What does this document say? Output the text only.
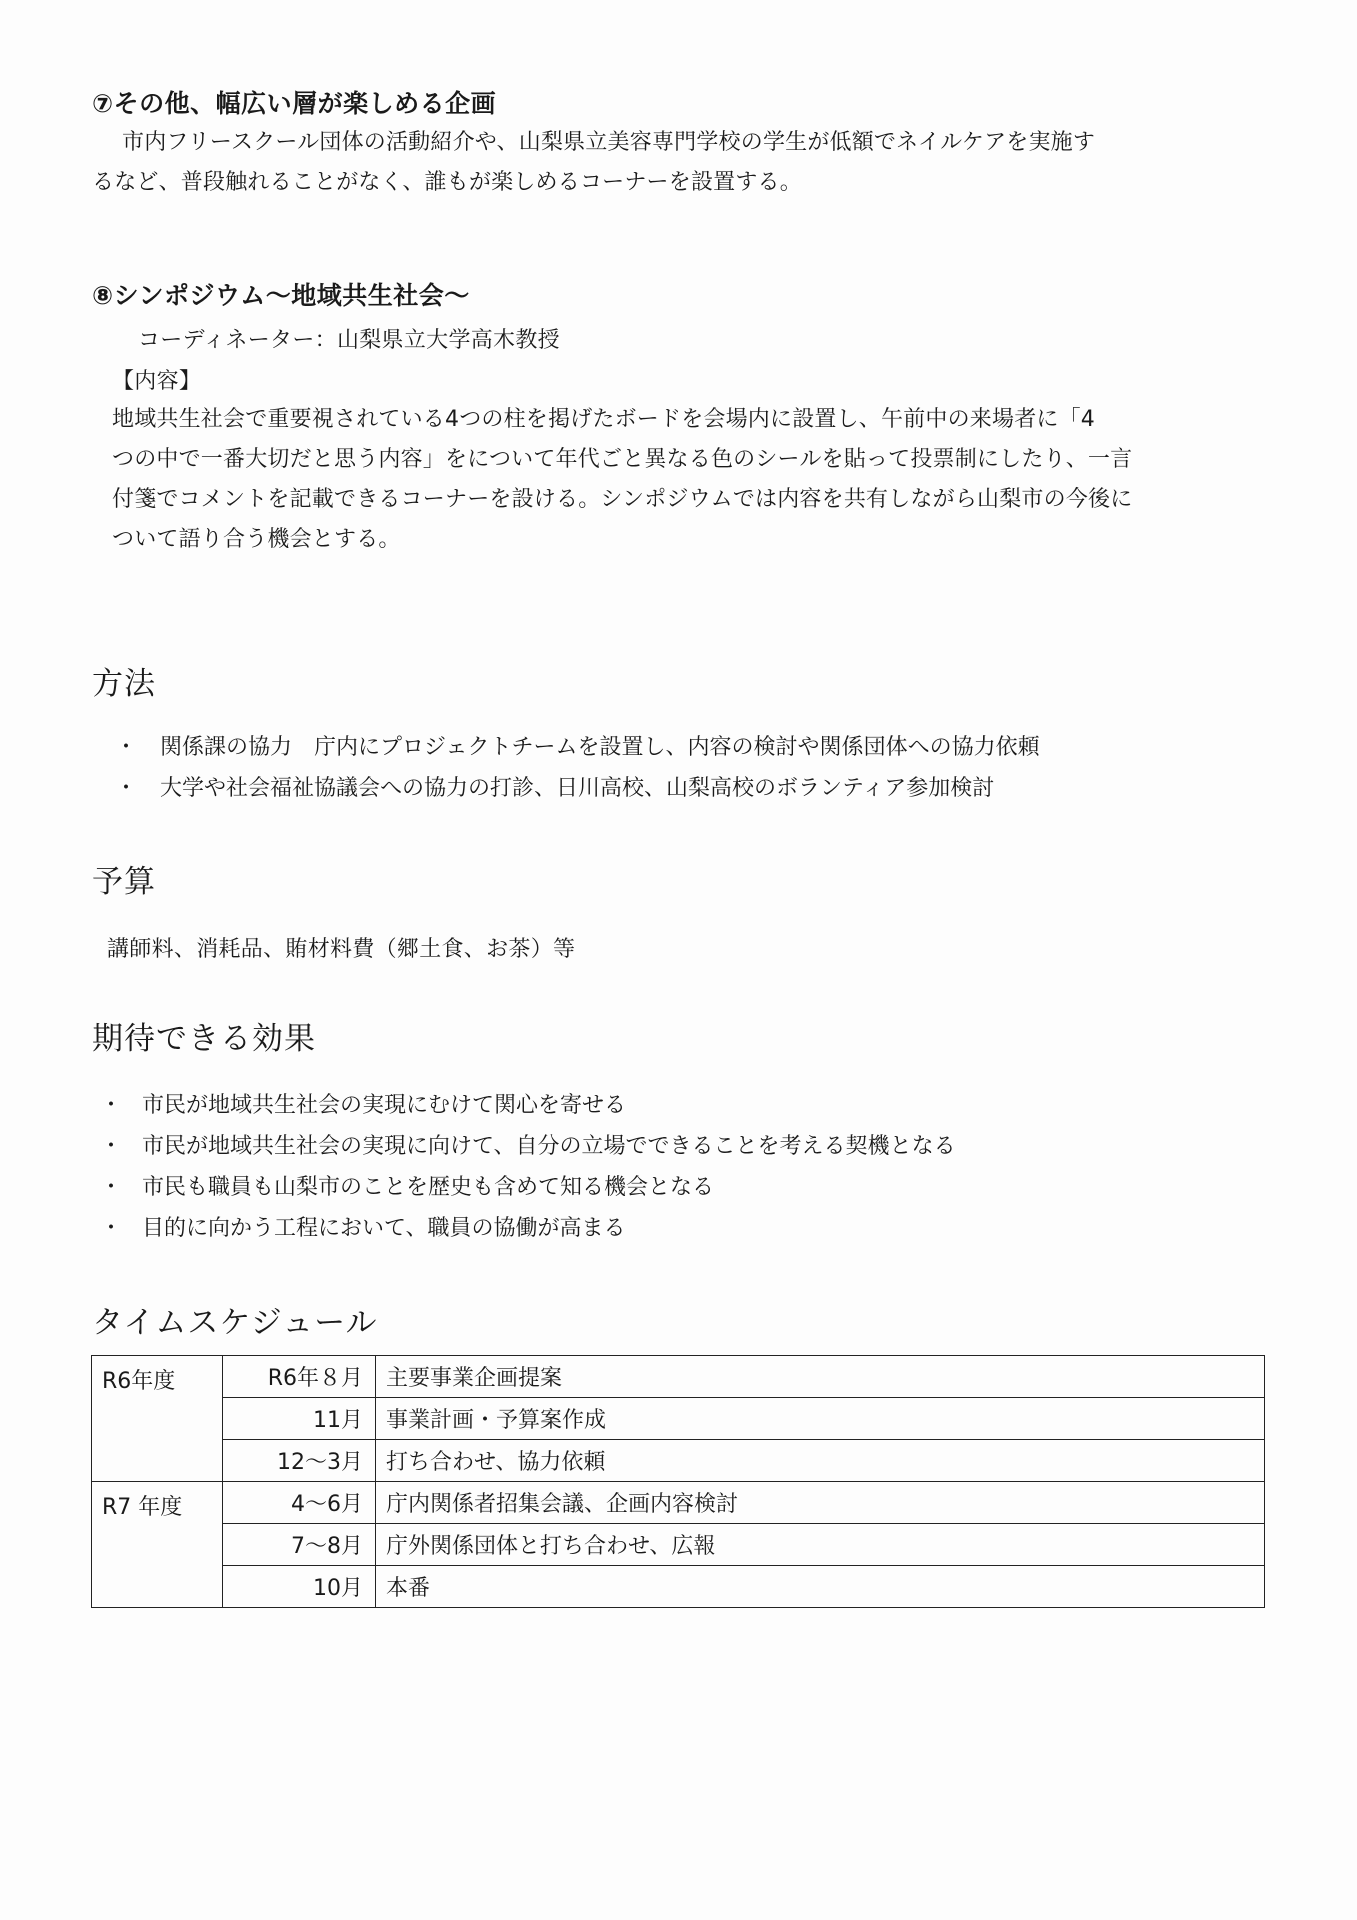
⑦その他、幅広い層が楽しめる企画
市内フリースクール団体の活動紹介や、山梨県立美容専門学校の学生が低額でネイルケアを実施す
るなど、普段触れることがなく、誰もが楽しめるコーナーを設置する。
⑧シンポジウム～地域共生社会～
コーディネーター：山梨県立大学高木教授
【内容】
地域共生社会で重要視されている4つの柱を掲げたボードを会場内に設置し、午前中の来場者に「4
つの中で一番大切だと思う内容」をについて年代ごと異なる色のシールを貼って投票制にしたり、一言
付箋でコメントを記載できるコーナーを設ける。シンポジウムでは内容を共有しながら山梨市の今後に
ついて語り合う機会とする。
方法
・ 関係課の協力　庁内にプロジェクトチームを設置し、内容の検討や関係団体への協力依頼
・ 大学や社会福祉協議会への協力の打診、日川高校、山梨高校のボランティア参加検討
予算
講師料、消耗品、賄材料費（郷土食、お茶）等
期待できる効果
・ 市民が地域共生社会の実現にむけて関心を寄せる
・ 市民が地域共生社会の実現に向けて、自分の立場でできることを考える契機となる
・ 市民も職員も山梨市のことを歴史も含めて知る機会となる
・ 目的に向かう工程において、職員の協働が高まる
タイムスケジュール
R6年度	R6年８月	主要事業企画提案
	11月	事業計画・予算案作成
	12～3月	打ち合わせ、協力依頼
R7 年度	4～6月	庁内関係者招集会議、企画内容検討
	7～8月	庁外関係団体と打ち合わせ、広報
	10月	本番
